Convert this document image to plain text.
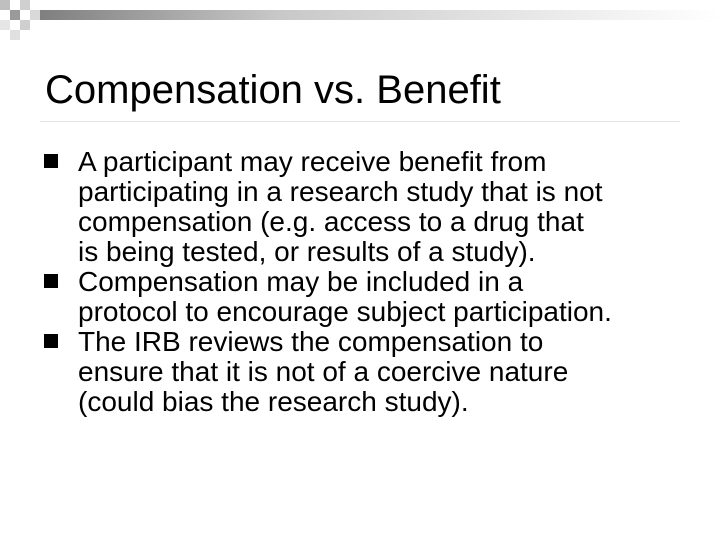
Compensation vs. Benefit
A participant may receive benefit from
participating in a research study that is not
compensation (e.g. access to a drug that
is being tested, or results of a study).
Compensation may be included in a
protocol to encourage subject participation.
The IRB reviews the compensation to
ensure that it is not of a coercive nature
(could bias the research study).
